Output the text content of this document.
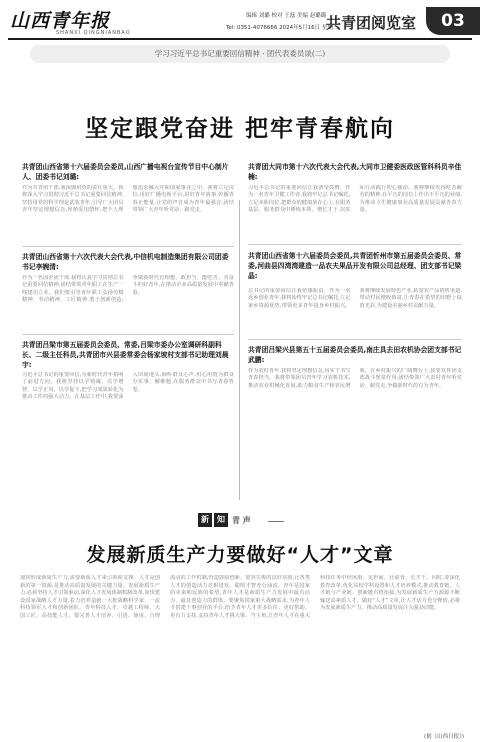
山西青年报
SHANXI QINGNIANBAO
编辑 刘璐 校对 王磊 美编 赵璐璐
Tel: 0351-4076666 2024年5月16日 星期三
共青团阅览室	03
学习习近平总书记重要回信精神 · 团代表委员谈(二)
坚定跟党奋进 把牢青春航向
共青团山西省第十六届委员会委员,山西广播电视台宣传节目中心制片人、团委书记刘璐:
作为共青团干部,我深感肩负的责任重大。我将深入学习贯彻习近平总书记重要回信精神,坚持用党的科学理论武装青年,引导广大团员青年坚定理想信念,厚植爱国情怀,把个人理想追求融入党和国家事业之中。我将立足岗位,用好广播电视平台,讲好青年故事,传播青春正能量,让党的声音成为青年最强音,团结带领广大青年听党话、跟党走。
共青团山西省第十六次代表大会代表,中信机电制造集团有限公司团委书记李婉清:
作为一名国企团干部,我将认真学习贯彻总书记重要回信精神,团结带领青年职工在生产一线建功立业。我们要引导青年职工弘扬劳模精神、劳动精神、工匠精神,勇于创新创造,争做新时代有理想、敢担当、能吃苦、肯奋斗的好青年,在推动企业高质量发展中奉献青春。
共青团吕梁市第五届委员会委员、常委,吕梁市委办公室调研科副科长、二级主任科员,共青团市兴县委常委会杨家坡村支部书记助理刘晨宇:
习近平总书记的重要回信,为新时代青年指明了前进方向。我将坚持以学铸魂、以学增智、以学正风、以学促干,把学习成果转化为推动工作的强大动力。在基层工作中,我要深入田间地头,倾听群众心声,用心用情为群众办实事、解难题,在服务群众中书写青春答卷。
共青团大同市第十六次代表大会代表,大同市卫健委医政医管科科员辛佳楠:
习近平总书记的重要回信让我备受鼓舞。作为一名青年卫健工作者,我将牢记总书记嘱托,立足本职岗位,把群众的健康放在心上,在服务基层、服务群众中锤炼本领、增长才干,以实际行动践行初心使命。我将继续发扬吃苦耐劳的精神,在平凡的岗位上作出不平凡的业绩,为推动卫生健康事业高质量发展贡献青春力量。
共青团山西省第十六届委员会委员,共青团忻州市第五届委员会委员、常委,河曲县四湾湾建造一品农夫果品开发有限公司总经理、团支部书记梁晶:
总书记的重要回信让我倍感振奋。作为一名返乡创业青年,我将始终牢记总书记嘱托,立足家乡资源优势,带领更多青年投身乡村振兴。我将继续发展特色产业,拓宽农产品销售渠道,带动村民增收致富,让青春在希望的田野上绽放光彩,为建设美丽乡村贡献力量。
共青团吕梁兴县第五十五届委员会委员,南庄具去田农机协会团支部书记武鹏:
作为农村青年,我将坚定理想信念,用实干书写青春担当。我将带领团员青年学习农机技术,推动农业机械化发展,助力粮食生产和农民增收。在乡村振兴的广阔舞台上,我要发挥团支部战斗堡垒作用,团结带领广大农村青年听党话、跟党走,争做新时代的有为青年。
新	知 青 声
发展新质生产力要做好“人才”文章
加快形成新质生产力,需要新质人才来引领和支撑。人才是创新的第一资源,是推动高质量发展的关键力量。发展新质生产力,必须坚持人才引领驱动,深化人才发展体制机制改革,加快建设国家战略人才力量,着力培养造就一大批战略科学家、一流科技领军人才和创新团队、青年科技人才、卓越工程师、大国工匠、高技能人才。要完善人才培养、引进、使用、合理流动的工作机制,营造鼓励创新、宽容失败的良好氛围,让各类人才的创造活力竞相迸发、聪明才智充分涌流。青年是国家的未来和民族的希望,青年人才是新质生产力发展中最有活力、最具创造力的群体。要聚焦国家重大战略需求,为青年人才搭建干事创业的平台,给予青年人才更多信任、更好帮助、更有力支持,支持青年人才挑大梁、当主角,让青年人才在重大科技任务中经风雨、见世面、壮筋骨、长才干。同时,要深化教育改革,优化高校学科设置和人才培养模式,推动教育链、人才链与产业链、创新链有机衔接,为发展新质生产力源源不断输送高素质人才。做好“人才”文章,让人才活力充分释放,必将为发展新质生产力、推动高质量发展注入强劲动能。
(据《山西日报》)
